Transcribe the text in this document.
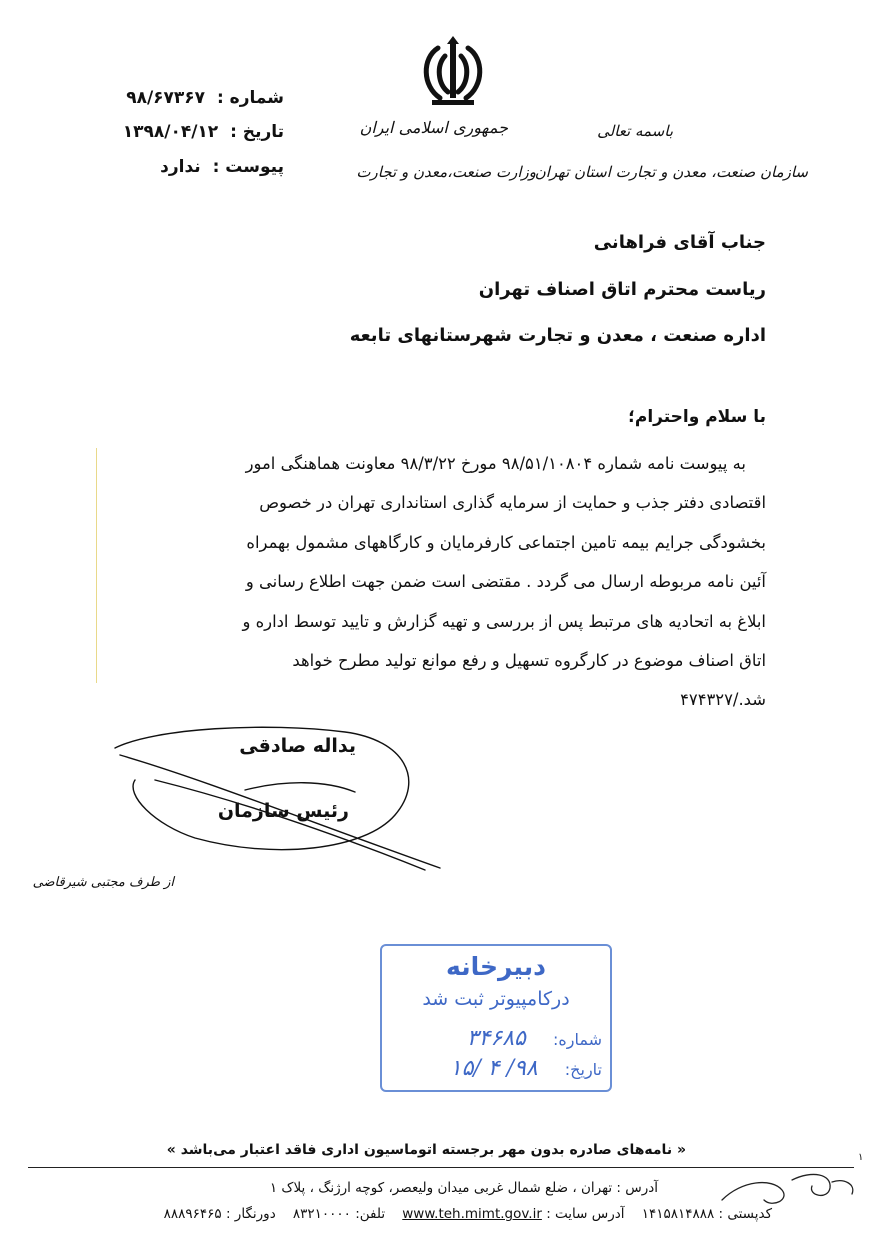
شماره : ۹۸/۶۷۳۶۷
تاریخ : ۱۳۹۸/۰۴/۱۲
پیوست : ندارد
باسمه تعالی
جمهوری اسلامی ایران
وزارت صنعت،معدن و تجارت
سازمان صنعت، معدن و تجارت استان تهران
جناب آقای فراهانی
ریاست محترم اتاق اصناف تهران
اداره صنعت ، معدن و تجارت شهرستانهای تابعه
با سلام واحترام؛
به پیوست نامه شماره ۹۸/۵۱/۱۰۸۰۴ مورخ ۹۸/۳/۲۲ معاونت هماهنگی امور
اقتصادی دفتر جذب و حمایت از سرمایه گذاری استانداری تهران در خصوص
بخشودگی جرایم بیمه تامین اجتماعی کارفرمایان و کارگاههای مشمول بهمراه
آئین نامه مربوطه ارسال می گردد . مقتضی است ضمن جهت اطلاع رسانی و
ابلاغ به اتحادیه های مرتبط پس از بررسی و تهیه گزارش و تایید توسط اداره و
اتاق اصناف موضوع در کارگروه تسهیل و رفع موانع تولید مطرح خواهد
شد./۴۷۴۳۲۷
یداله صادقی
رئیس سازمان
از طرف مجتبی شیرقاضی
دبیرخانه
درکامپیوتر ثبت شد
شماره: ۳۴۶۸۵
تاریخ: ۹۸/ ۴ /۱۵
« نامه‌های صادره بدون مهر برجسته اتوماسیون اداری فاقد اعتبار می‌باشد »	۱
آدرس : تهران ، ضلع شمال غربی میدان ولیعصر، کوچه ارژنگ ، پلاک ۱
کدپستی : ۱۴۱۵۸۱۴۸۸۸    آدرس سایت : www.teh.mimt.gov.ir    تلفن: ۸۳۲۱۰۰۰۰    دورنگار : ۸۸۸۹۶۴۶۵
